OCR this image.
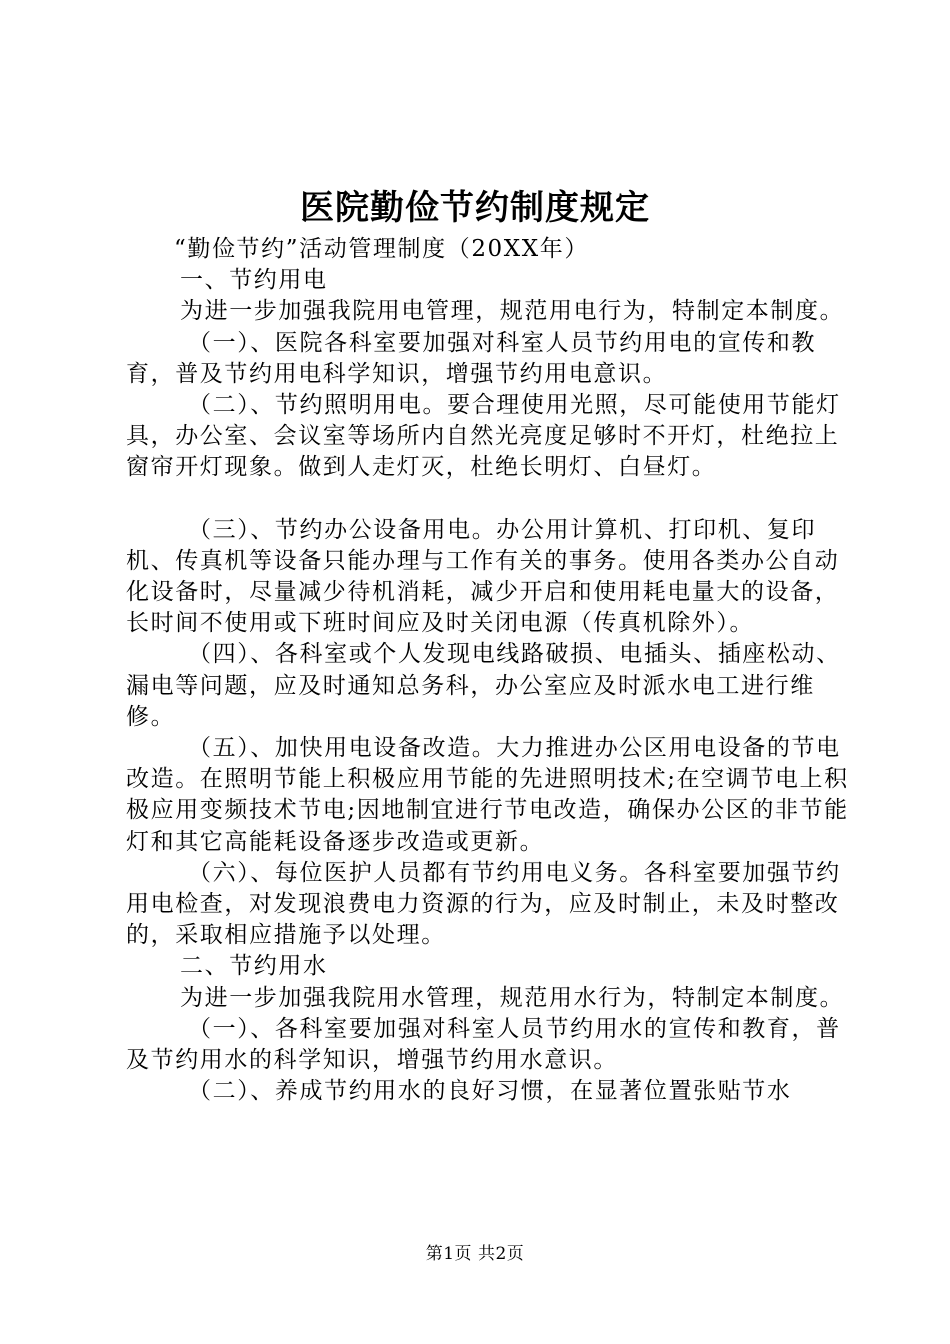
医院勤俭节约制度规定

“勤俭节约”活动管理制度（20XX年）

一、节约用电

为进一步加强我院用电管理，规范用电行为，特制定本制度。

（一）、医院各科室要加强对科室人员节约用电的宣传和教育，普及节约用电科学知识，增强节约用电意识。

（二）、节约照明用电。要合理使用光照，尽可能使用节能灯具，办公室、会议室等场所内自然光亮度足够时不开灯，杜绝拉上窗帘开灯现象。做到人走灯灭，杜绝长明灯、白昼灯。

（三）、节约办公设备用电。办公用计算机、打印机、复印机、传真机等设备只能办理与工作有关的事务。使用各类办公自动化设备时，尽量减少待机消耗，减少开启和使用耗电量大的设备，长时间不使用或下班时间应及时关闭电源（传真机除外）。

（四）、各科室或个人发现电线路破损、电插头、插座松动、漏电等问题，应及时通知总务科，办公室应及时派水电工进行维修。

（五）、加快用电设备改造。大力推进办公区用电设备的节电改造。在照明节能上积极应用节能的先进照明技术;在空调节电上积极应用变频技术节电;因地制宜进行节电改造，确保办公区的非节能灯和其它高能耗设备逐步改造或更新。

（六）、每位医护人员都有节约用电义务。各科室要加强节约用电检查，对发现浪费电力资源的行为，应及时制止，未及时整改的，采取相应措施予以处理。

二、节约用水

为进一步加强我院用水管理，规范用水行为，特制定本制度。

（一）、各科室要加强对科室人员节约用水的宣传和教育，普及节约用水的科学知识，增强节约用水意识。

（二）、养成节约用水的良好习惯，在显著位置张贴节水

第1页 共2页
